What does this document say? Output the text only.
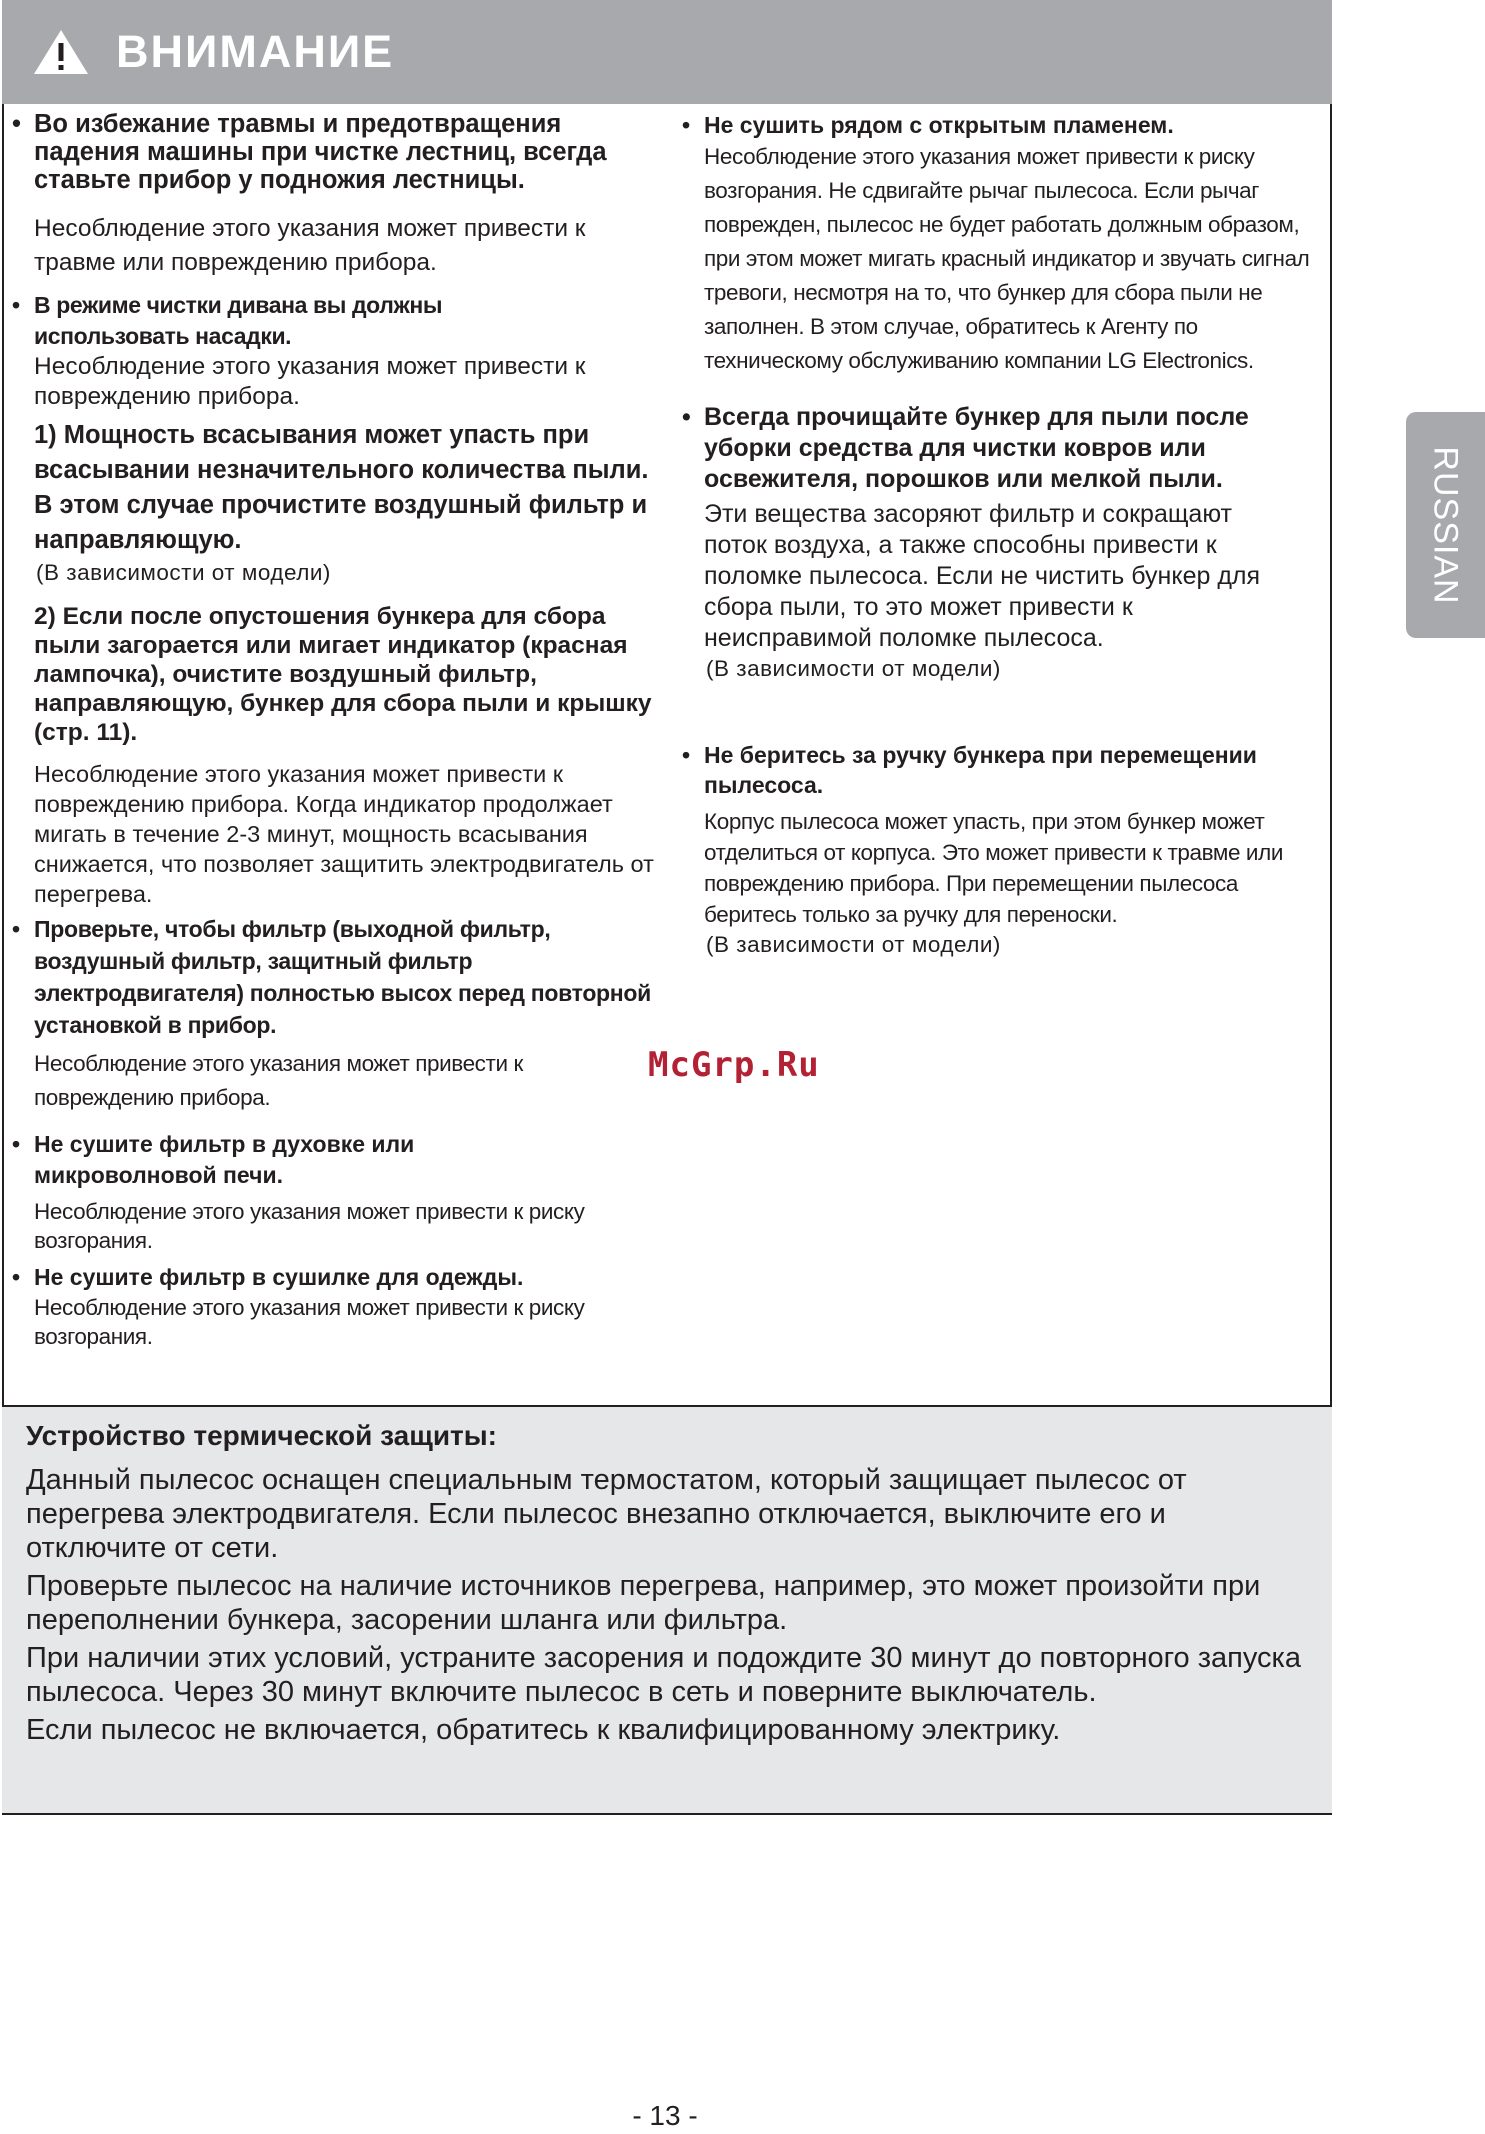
ВНИМАНИЕ

• Во избежание травмы и предотвращения падения машины при чистке лестниц, всегда ставьте прибор у подножия лестницы.

Несоблюдение этого указания может привести к травме или повреждению прибора.

• В режиме чистки дивана вы должны использовать насадки.

Несоблюдение этого указания может привести к повреждению прибора.

1) Мощность всасывания может упасть при всасывании незначительного количества пыли. В этом случае прочистите воздушный фильтр и направляющую.

(В зависимости от модели)

2) Если после опустошения бункера для сбора пыли загорается или мигает индикатор (красная лампочка), очистите воздушный фильтр, направляющую, бункер для сбора пыли и крышку (стр. 11).

Несоблюдение этого указания может привести к повреждению прибора. Когда индикатор продолжает мигать в течение 2-3 минут, мощность всасывания снижается, что позволяет защитить электродвигатель от перегрева.

• Проверьте, чтобы фильтр (выходной фильтр, воздушный фильтр, защитный фильтр электродвигателя) полностью высох перед повторной установкой в прибор.

Несоблюдение этого указания может привести к повреждению прибора.

• Не сушите фильтр в духовке или микроволновой печи.

Несоблюдение этого указания может привести к риску возгорания.

• Не сушите фильтр в сушилке для одежды.

Несоблюдение этого указания может привести к риску возгорания.

• Не сушить рядом с открытым пламенем.

Несоблюдение этого указания может привести к риску возгорания. Не сдвигайте рычаг пылесоса. Если рычаг поврежден, пылесос не будет работать должным образом, при этом может мигать красный индикатор и звучать сигнал тревоги, несмотря на то, что бункер для сбора пыли не заполнен. В этом случае, обратитесь к Агенту по техническому обслуживанию компании LG Electronics.

• Всегда прочищайте бункер для пыли после уборки средства для чистки ковров или освежителя, порошков или мелкой пыли.

Эти вещества засоряют фильтр и сокращают поток воздуха, а также способны привести к поломке пылесоса. Если не чистить бункер для сбора пыли, то это может привести к неисправимой поломке пылесоса.

(В зависимости от модели)

• Не беритесь за ручку бункера при перемещении пылесоса.

Корпус пылесоса может упасть, при этом бункер может отделиться от корпуса. Это может привести к травме или повреждению прибора. При перемещении пылесоса беритесь только за ручку для переноски.

(В зависимости от модели)

Устройство термической защиты:

Данный пылесос оснащен специальным термостатом, который защищает пылесос от перегрева электродвигателя. Если пылесос внезапно отключается, выключите его и отключите от сети.

Проверьте пылесос на наличие источников перегрева, например, это может произойти при переполнении бункера, засорении шланга или фильтра.

При наличии этих условий, устраните засорения и подождите 30 минут до повторного запуска пылесоса. Через 30 минут включите пылесос в сеть и поверните выключатель.

Если пылесос не включается, обратитесь к квалифицированному электрику.

RUSSIAN
McGrp.Ru
- 13 -
